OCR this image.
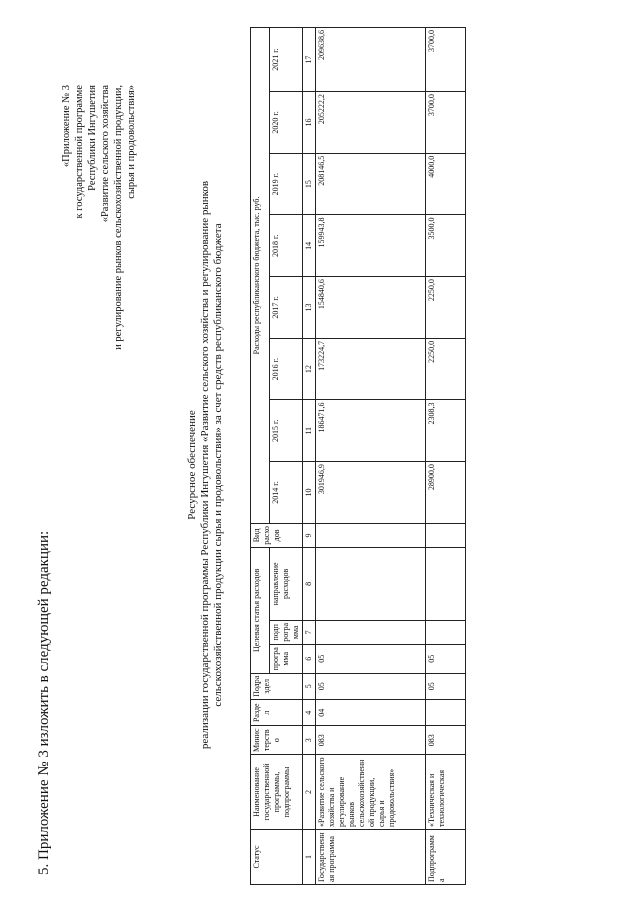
5. Приложение № 3 изложить в следующей редакции:
«Приложение № 3 к государственной программе Республики Ингушетия «Развитие сельского хозяйства и регулирование рынков сельскохозяйственной продукции, сырья и продовольствия»
Ресурсное обеспечение реализации государственной программы Республики Ингушетия «Развитие сельского хозяйства и регулирование рынков сельскохозяйственной продукции сырья и продовольствия» за счет средств республиканского бюджета
Статус	Наименование государственной программы, подпрограммы	Министерство	Раздел	Подраздел	Целевая статья расходов			Вид расходов	Расходы республиканского бюджета, тыс. руб.							
					программа	подпрограмма	направление расходов		2014 г.	2015 г.	2016 г.	2017 г.	2018 г.	2019 г.	2020 г.	2021 г.

1	2	3	4	5	6	7	8	9	10	11	12	13	14	15	16	17
Государственная программа	«Развитие сельского хозяйства и регулирование рынков сельскохозяйственной продукции, сырья и продовольствия»	083	04	05	05				301946,9	186471,6	173224,7	154840,6	159943,8	208146,5	205222,2	209638,6
Подпрограмма	«Техническая и технологическая	083		05	05				28900,0	2308,3	2250,0	2250,0	3500,0	4000,0	3700,0	3700,0
